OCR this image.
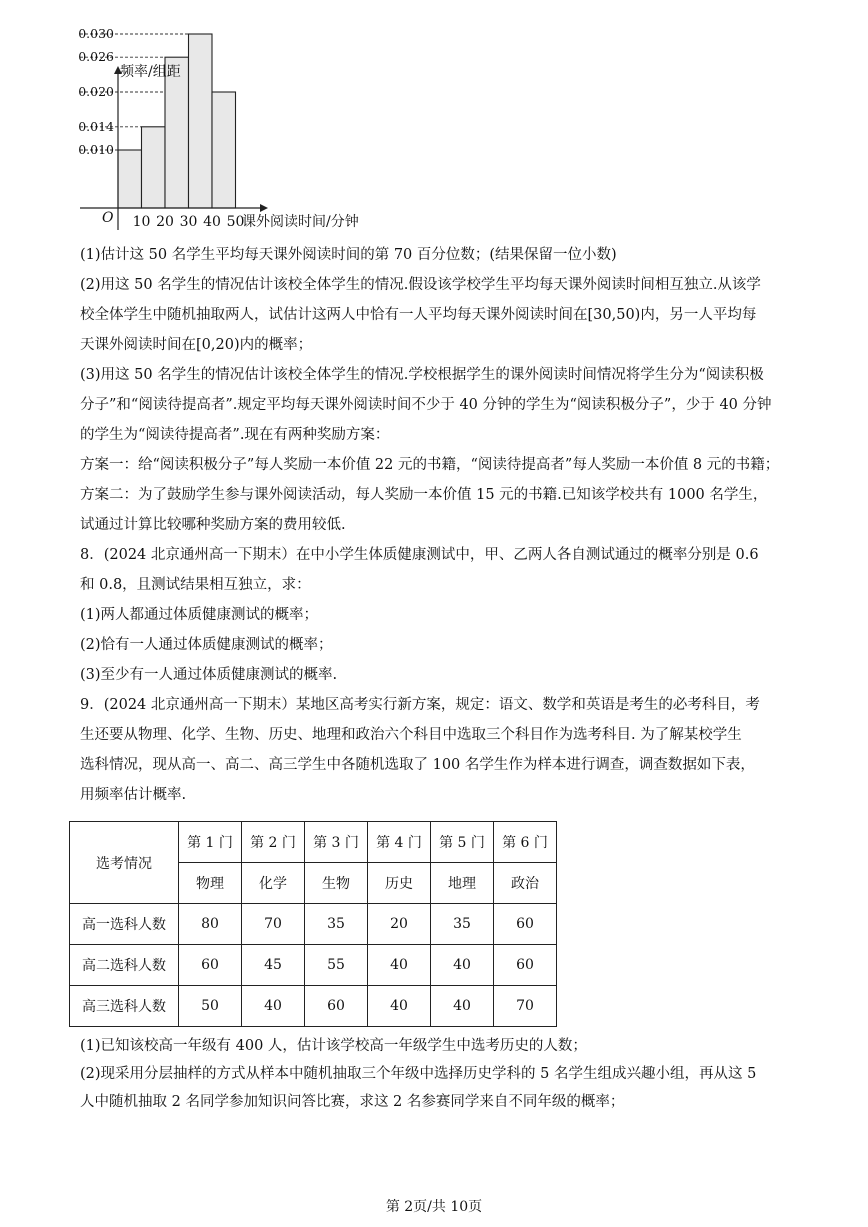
0.010
0.014
0.020
0.026
0.030
10 20 30 40 50
频率/组距
O	课外阅读时间/分钟
(1)估计这 50 名学生平均每天课外阅读时间的第 70 百分位数；(结果保留一位小数)
(2)用这 50 名学生的情况估计该校全体学生的情况.假设该学校学生平均每天课外阅读时间相互独立.从该学
校全体学生中随机抽取两人，试估计这两人中恰有一人平均每天课外阅读时间在[30,50)内，另一人平均每
天课外阅读时间在[0,20)内的概率；
(3)用这 50 名学生的情况估计该校全体学生的情况.学校根据学生的课外阅读时间情况将学生分为“阅读积极
分子”和“阅读待提高者”.规定平均每天课外阅读时间不少于 40 分钟的学生为“阅读积极分子”，少于 40 分钟
的学生为“阅读待提高者”.现在有两种奖励方案：
方案一：给“阅读积极分子”每人奖励一本价值 22 元的书籍，“阅读待提高者”每人奖励一本价值 8 元的书籍；
方案二：为了鼓励学生参与课外阅读活动，每人奖励一本价值 15 元的书籍.已知该学校共有 1000 名学生，
试通过计算比较哪种奖励方案的费用较低.
8．(2024 北京通州高一下期末）在中小学生体质健康测试中，甲、乙两人各自测试通过的概率分别是 0.6
和 0.8，且测试结果相互独立，求：
(1)两人都通过体质健康测试的概率；
(2)恰有一人通过体质健康测试的概率；
(3)至少有一人通过体质健康测试的概率.
9．(2024 北京通州高一下期末）某地区高考实行新方案，规定：语文、数学和英语是考生的必考科目，考
生还要从物理、化学、生物、历史、地理和政治六个科目中选取三个科目作为选考科目. 为了解某校学生
选科情况，现从高一、高二、高三学生中各随机选取了 100 名学生作为样本进行调查，调查数据如下表，
用频率估计概率.
选考情况	第 1 门	第 2 门	第 3 门	第 4 门	第 5 门	第 6 门
	物理	化学	生物	历史	地理	政治
高一选科人数	80	70	35	20	35	60
高二选科人数	60	45	55	40	40	60
高三选科人数	50	40	60	40	40	70
(1)已知该校高一年级有 400 人，估计该学校高一年级学生中选考历史的人数；
(2)现采用分层抽样的方式从样本中随机抽取三个年级中选择历史学科的 5 名学生组成兴趣小组，再从这 5
人中随机抽取 2 名同学参加知识问答比赛，求这 2 名参赛同学来自不同年级的概率；
第 2页/共 10页
